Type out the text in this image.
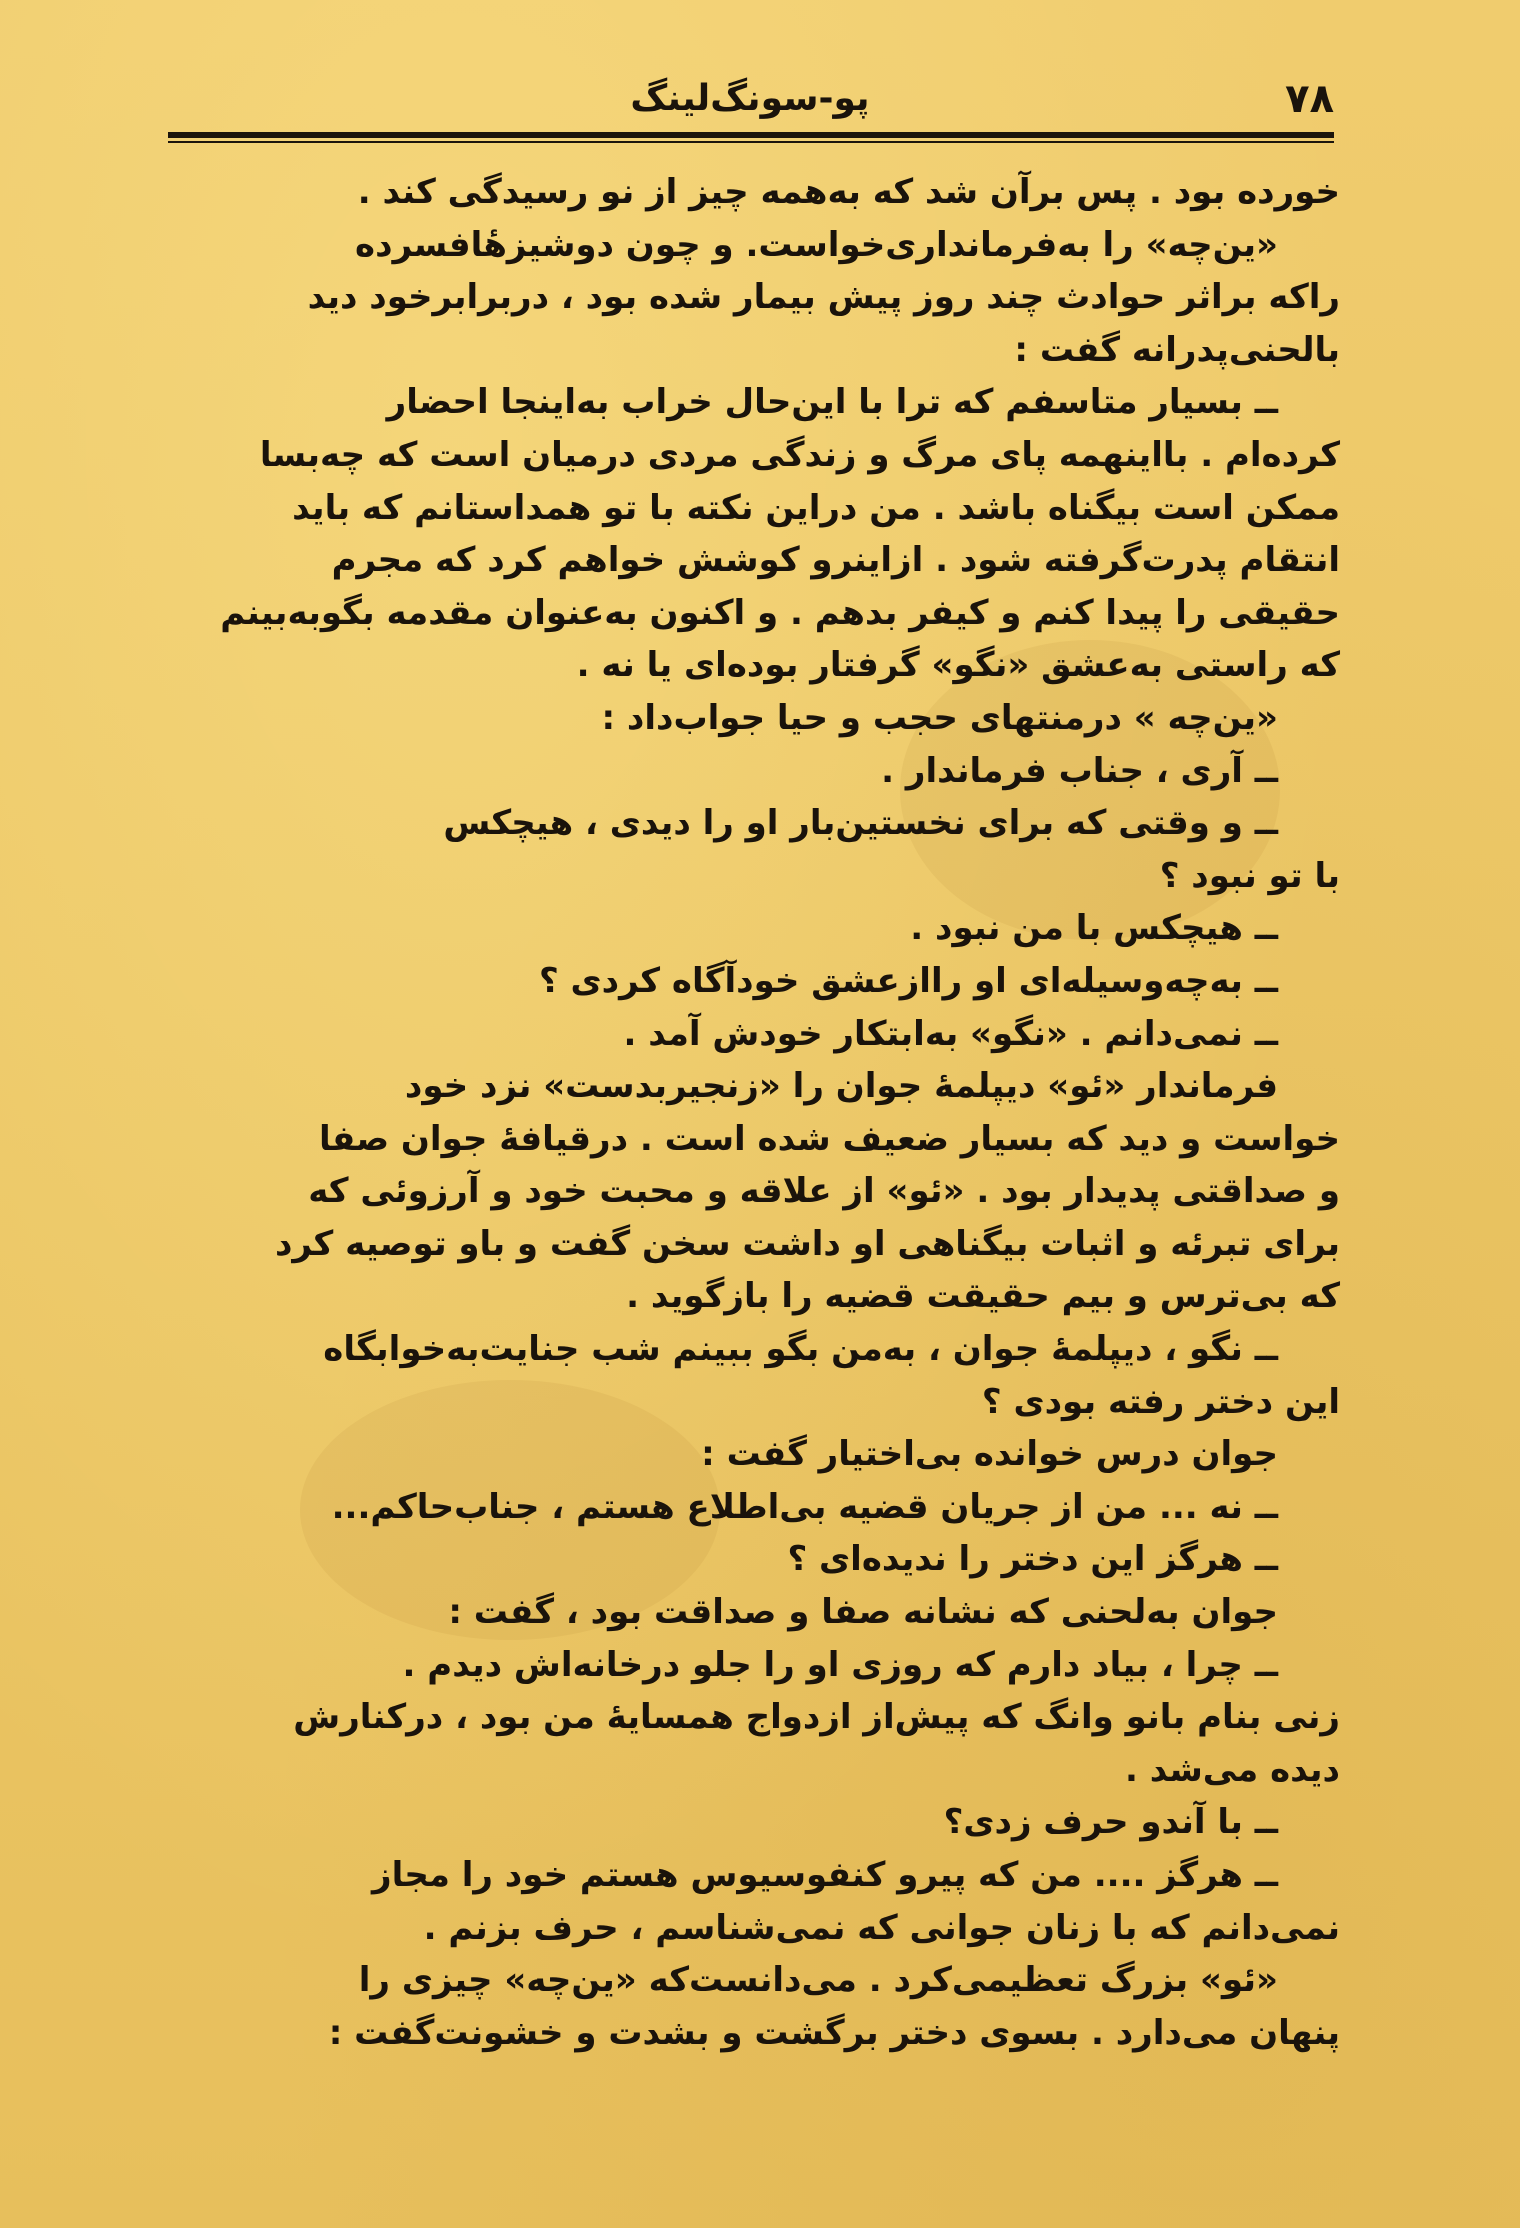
پو-سونگ‌لینگ	۷۸
خورده بود . پس برآن شد که به‌همه چیز از نو رسیدگی کند .
«ین‌چه» را به‌فرمانداری‌خواست. و چون دوشیزهٔافسرده
راکه براثر حوادث چند روز پیش بیمار شده بود ، دربرابرخود دید
بالحنی‌پدرانه گفت :
ــ بسیار متاسفم که ترا با این‌حال خراب به‌اینجا احضار
کرده‌ام . بااینهمه پای مرگ و زندگی مردی درمیان است که چه‌بسا
ممکن است بیگناه باشد . من دراین نکته با تو همداستانم که باید
انتقام پدرت‌گرفته شود . ازاینرو کوشش خواهم کرد که مجرم
حقیقی را پیدا کنم و کیفر بدهم . و اکنون به‌عنوان مقدمه بگوبه‌بینم
که راستی به‌عشق «نگو» گرفتار بوده‌ای یا نه .
«ین‌چه » درمنتهای حجب و حیا جواب‌داد :
ــ آری ، جناب فرماندار .
ــ و وقتی که برای نخستین‌بار او را دیدی ، هیچکس
با تو نبود ؟
ــ هیچکس با من نبود .
ــ به‌چه‌وسیله‌ای او رااز‌عشق خودآگاه کردی ؟
ــ نمی‌دانم . «نگو» به‌ابتکار خودش آمد .
فرماندار «ئو» دیپلمهٔ جوان را «زنجیربدست» نزد خود
خواست و دید که بسیار ضعیف شده است . درقیافهٔ جوان صفا
و صداقتی پدیدار بود . «ئو» از علاقه و محبت خود و آرزوئی که
برای تبرئه و اثبات بیگناهی او داشت سخن گفت و باو توصیه کرد
که بی‌ترس و بیم حقیقت قضیه را بازگوید .
ــ نگو ، دیپلمهٔ جوان ، به‌من بگو ببینم شب جنایت‌به‌خوابگاه
این دختر رفته بودی ؟
جوان درس خوانده بی‌اختیار گفت :
ــ نه ... من از جریان قضیه بی‌اطلاع هستم ، جناب‌حاکم...
ــ هرگز این دختر را ندیده‌ای ؟
جوان به‌لحنی که نشانه صفا و صداقت بود ، گفت :
ــ چرا ، بیاد دارم که روزی او را جلو درخانه‌اش دیدم .
زنی بنام بانو وانگ که پیش‌از ازدواج همسایهٔ من بود ، درکنارش
دیده می‌شد .
ــ با آندو حرف زدی؟
ــ هرگز .... من که پیرو کنفوسیوس هستم خود را مجاز
نمی‌دانم که با زنان جوانی که نمی‌شناسم ، حرف بزنم .
«ئو» بزرگ تعظیمی‌کرد . می‌دانست‌که «ین‌چه» چیزی را
پنهان می‌دارد . بسوی دختر برگشت و بشدت و خشونت‌گفت :
